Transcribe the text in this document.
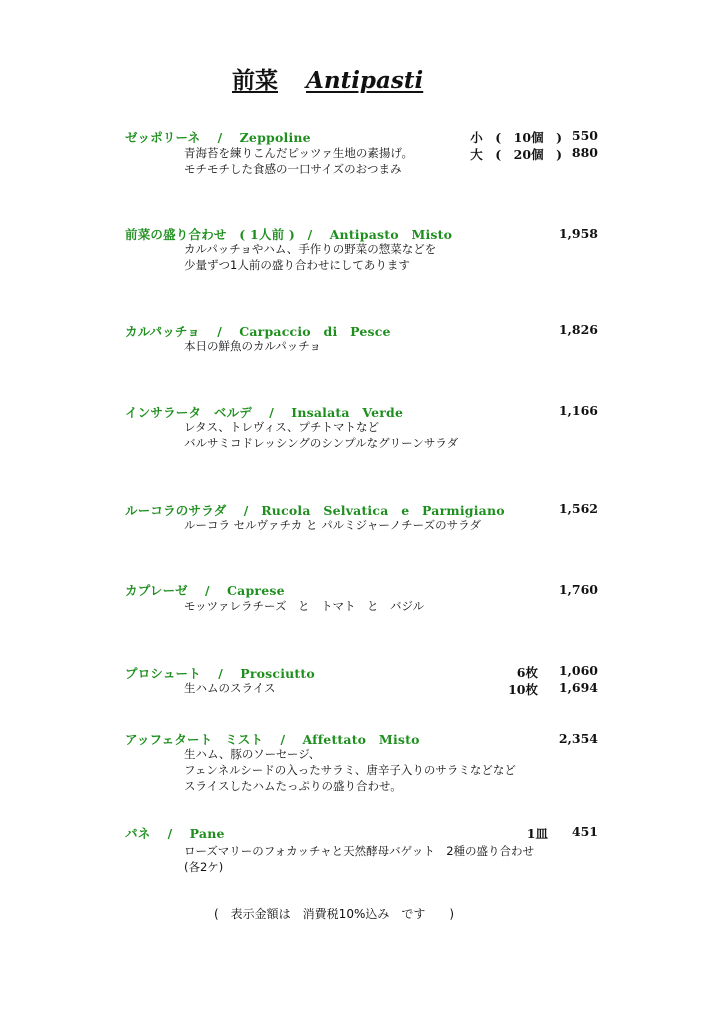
前菜 Antipasti
ゼッポリーネ　 /　 Zeppoline
青海苔を練りこんだピッツァ生地の素揚げ。
モチモチした食感の一口サイズのおつまみ
小　(　10個　) 550
大　(　20個　) 880
前菜の盛り合わせ　( 1人前 )　/　 Antipasto　Misto
カルパッチョやハム、手作りの野菜の惣菜などを
少量ずつ1人前の盛り合わせにしてあります
1,958
カルパッチョ　 /　 Carpaccio　di　Pesce
本日の鮮魚のカルパッチョ
1,826
インサラータ　ベルデ　 /　 Insalata　Verde
レタス、トレヴィス、プチトマトなど
バルサミコドレッシングのシンプルなグリーンサラダ
1,166
ルーコラのサラダ　 /　Rucola　Selvatica　e　Parmigiano
ルーコラ セルヴァチカ と パルミジャーノチーズのサラダ
1,562
カプレーゼ　 /　 Caprese
モッツァレラチーズ　と　トマト　と　バジル
1,760
プロシュート　 /　 Prosciutto
生ハムのスライス
6枚 1,060
10枚 1,694
アッフェタート　ミスト　 /　 Affettato　Misto
生ハム、豚のソーセージ、
フェンネルシードの入ったサラミ、唐辛子入りのサラミなどなど
スライスしたハムたっぷりの盛り合わせ。
2,354
パネ　 /　 Pane
ローズマリーのフォカッチャと天然酵母バゲット　2種の盛り合わせ
(各2ケ)
1皿 451
(　表示金額は　消費税10%込み　です　　)
